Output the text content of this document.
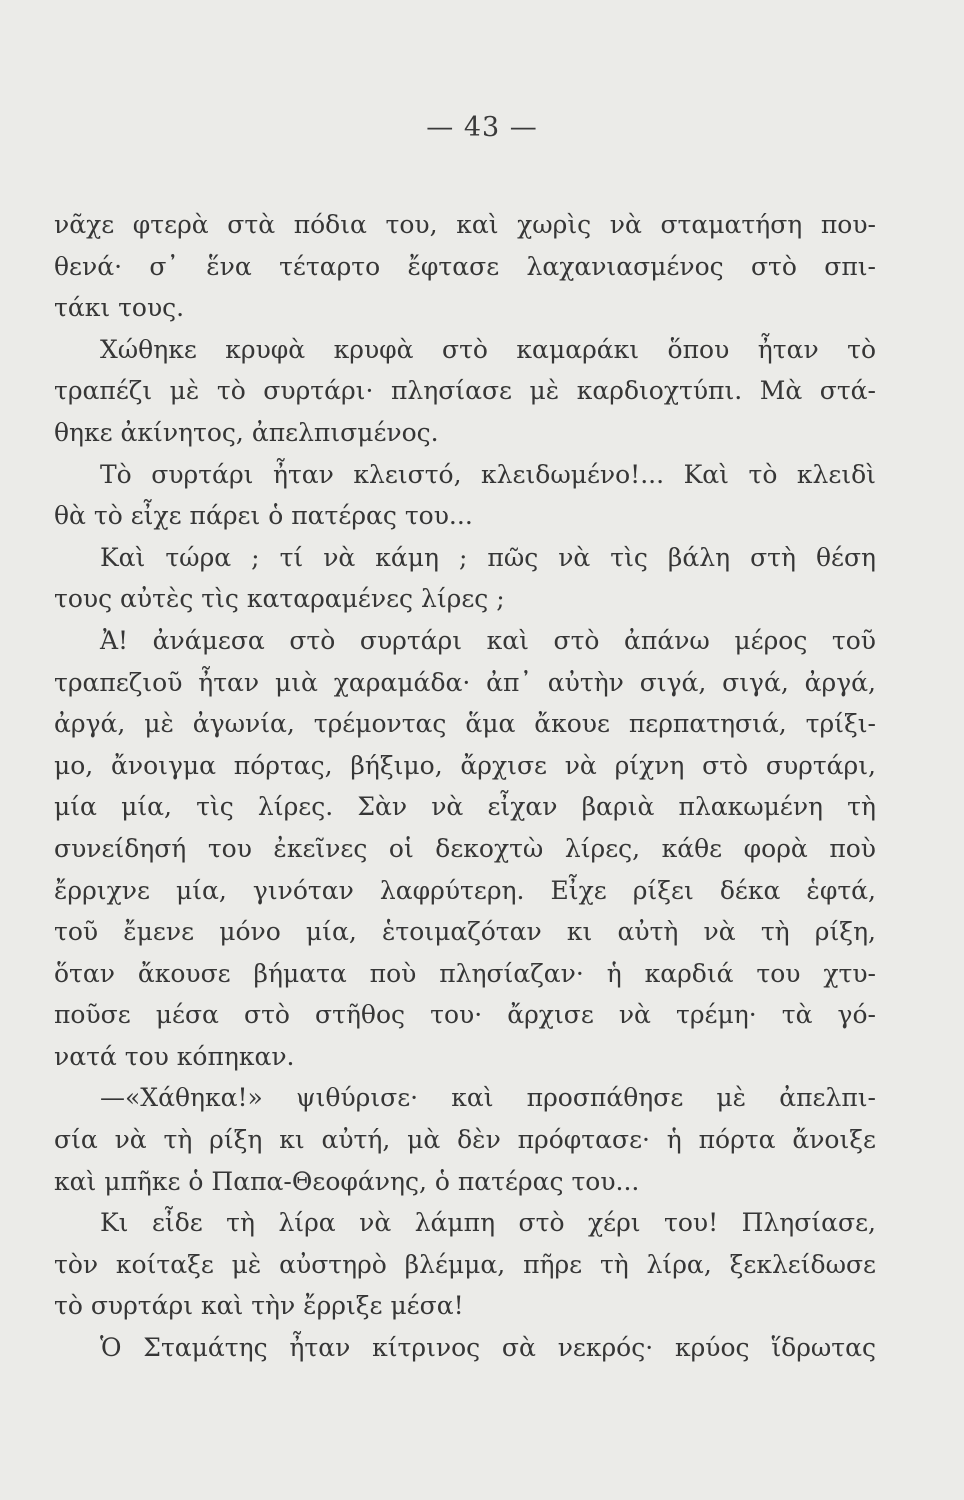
— 43 —
νᾶχε φτερὰ στὰ πόδια του, καὶ χωρὶς νὰ σταματήση που-
θενά· σ᾽ ἕνα τέταρτο ἔφτασε λαχανιασμένος στὸ σπι-
τάκι τους.
Χώθηκε κρυφὰ κρυφὰ στὸ καμαράκι ὅπου ἦταν τὸ
τραπέζι μὲ τὸ συρτάρι· πλησίασε μὲ καρδιοχτύπι. Μὰ στά-
θηκε ἀκίνητος, ἀπελπισμένος.
Τὸ συρτάρι ἦταν κλειστό, κλειδωμένο!... Καὶ τὸ κλειδὶ
θὰ τὸ εἶχε πάρει ὁ πατέρας του...
Καὶ τώρα ; τί νὰ κάμη ; πῶς νὰ τὶς βάλη στὴ θέση
τους αὐτὲς τὶς καταραμένες λίρες ;
Ἀ! ἀνάμεσα στὸ συρτάρι καὶ στὸ ἀπάνω μέρος τοῦ
τραπεζιοῦ ἦταν μιὰ χαραμάδα· ἀπ᾽ αὐτὴν σιγά, σιγά, ἀργά,
ἀργά, μὲ ἀγωνία, τρέμοντας ἅμα ἄκουε περπατησιά, τρίξι-
μο, ἄνοιγμα πόρτας, βήξιμο, ἄρχισε νὰ ρίχνη στὸ συρτάρι,
μία μία, τὶς λίρες. Σὰν νὰ εἶχαν βαριὰ πλακωμένη τὴ
συνείδησή του ἐκεῖνες οἱ δεκοχτὼ λίρες, κάθε φορὰ ποὺ
ἔρριχνε μία, γινόταν λαφρύτερη. Εἶχε ρίξει δέκα ἑφτά,
τοῦ ἔμενε μόνο μία, ἑτοιμαζόταν κι αὐτὴ νὰ τὴ ρίξη,
ὅταν ἄκουσε βήματα ποὺ πλησίαζαν· ἡ καρδιά του χτυ-
ποῦσε μέσα στὸ στῆθος του· ἄρχισε νὰ τρέμη· τὰ γό-
νατά του κόπηκαν.
—«Χάθηκα!» ψιθύρισε· καὶ προσπάθησε μὲ ἀπελπι-
σία νὰ τὴ ρίξη κι αὐτή, μὰ δὲν πρόφτασε· ἡ πόρτα ἄνοιξε
καὶ μπῆκε ὁ Παπα-Θεοφάνης, ὁ πατέρας του...
Κι εἶδε τὴ λίρα νὰ λάμπη στὸ χέρι του! Πλησίασε,
τὸν κοίταξε μὲ αὐστηρὸ βλέμμα, πῆρε τὴ λίρα, ξεκλείδωσε
τὸ συρτάρι καὶ τὴν ἔρριξε μέσα!
Ὁ Σταμάτης ἦταν κίτρινος σὰ νεκρός· κρύος ἵδρωτας
